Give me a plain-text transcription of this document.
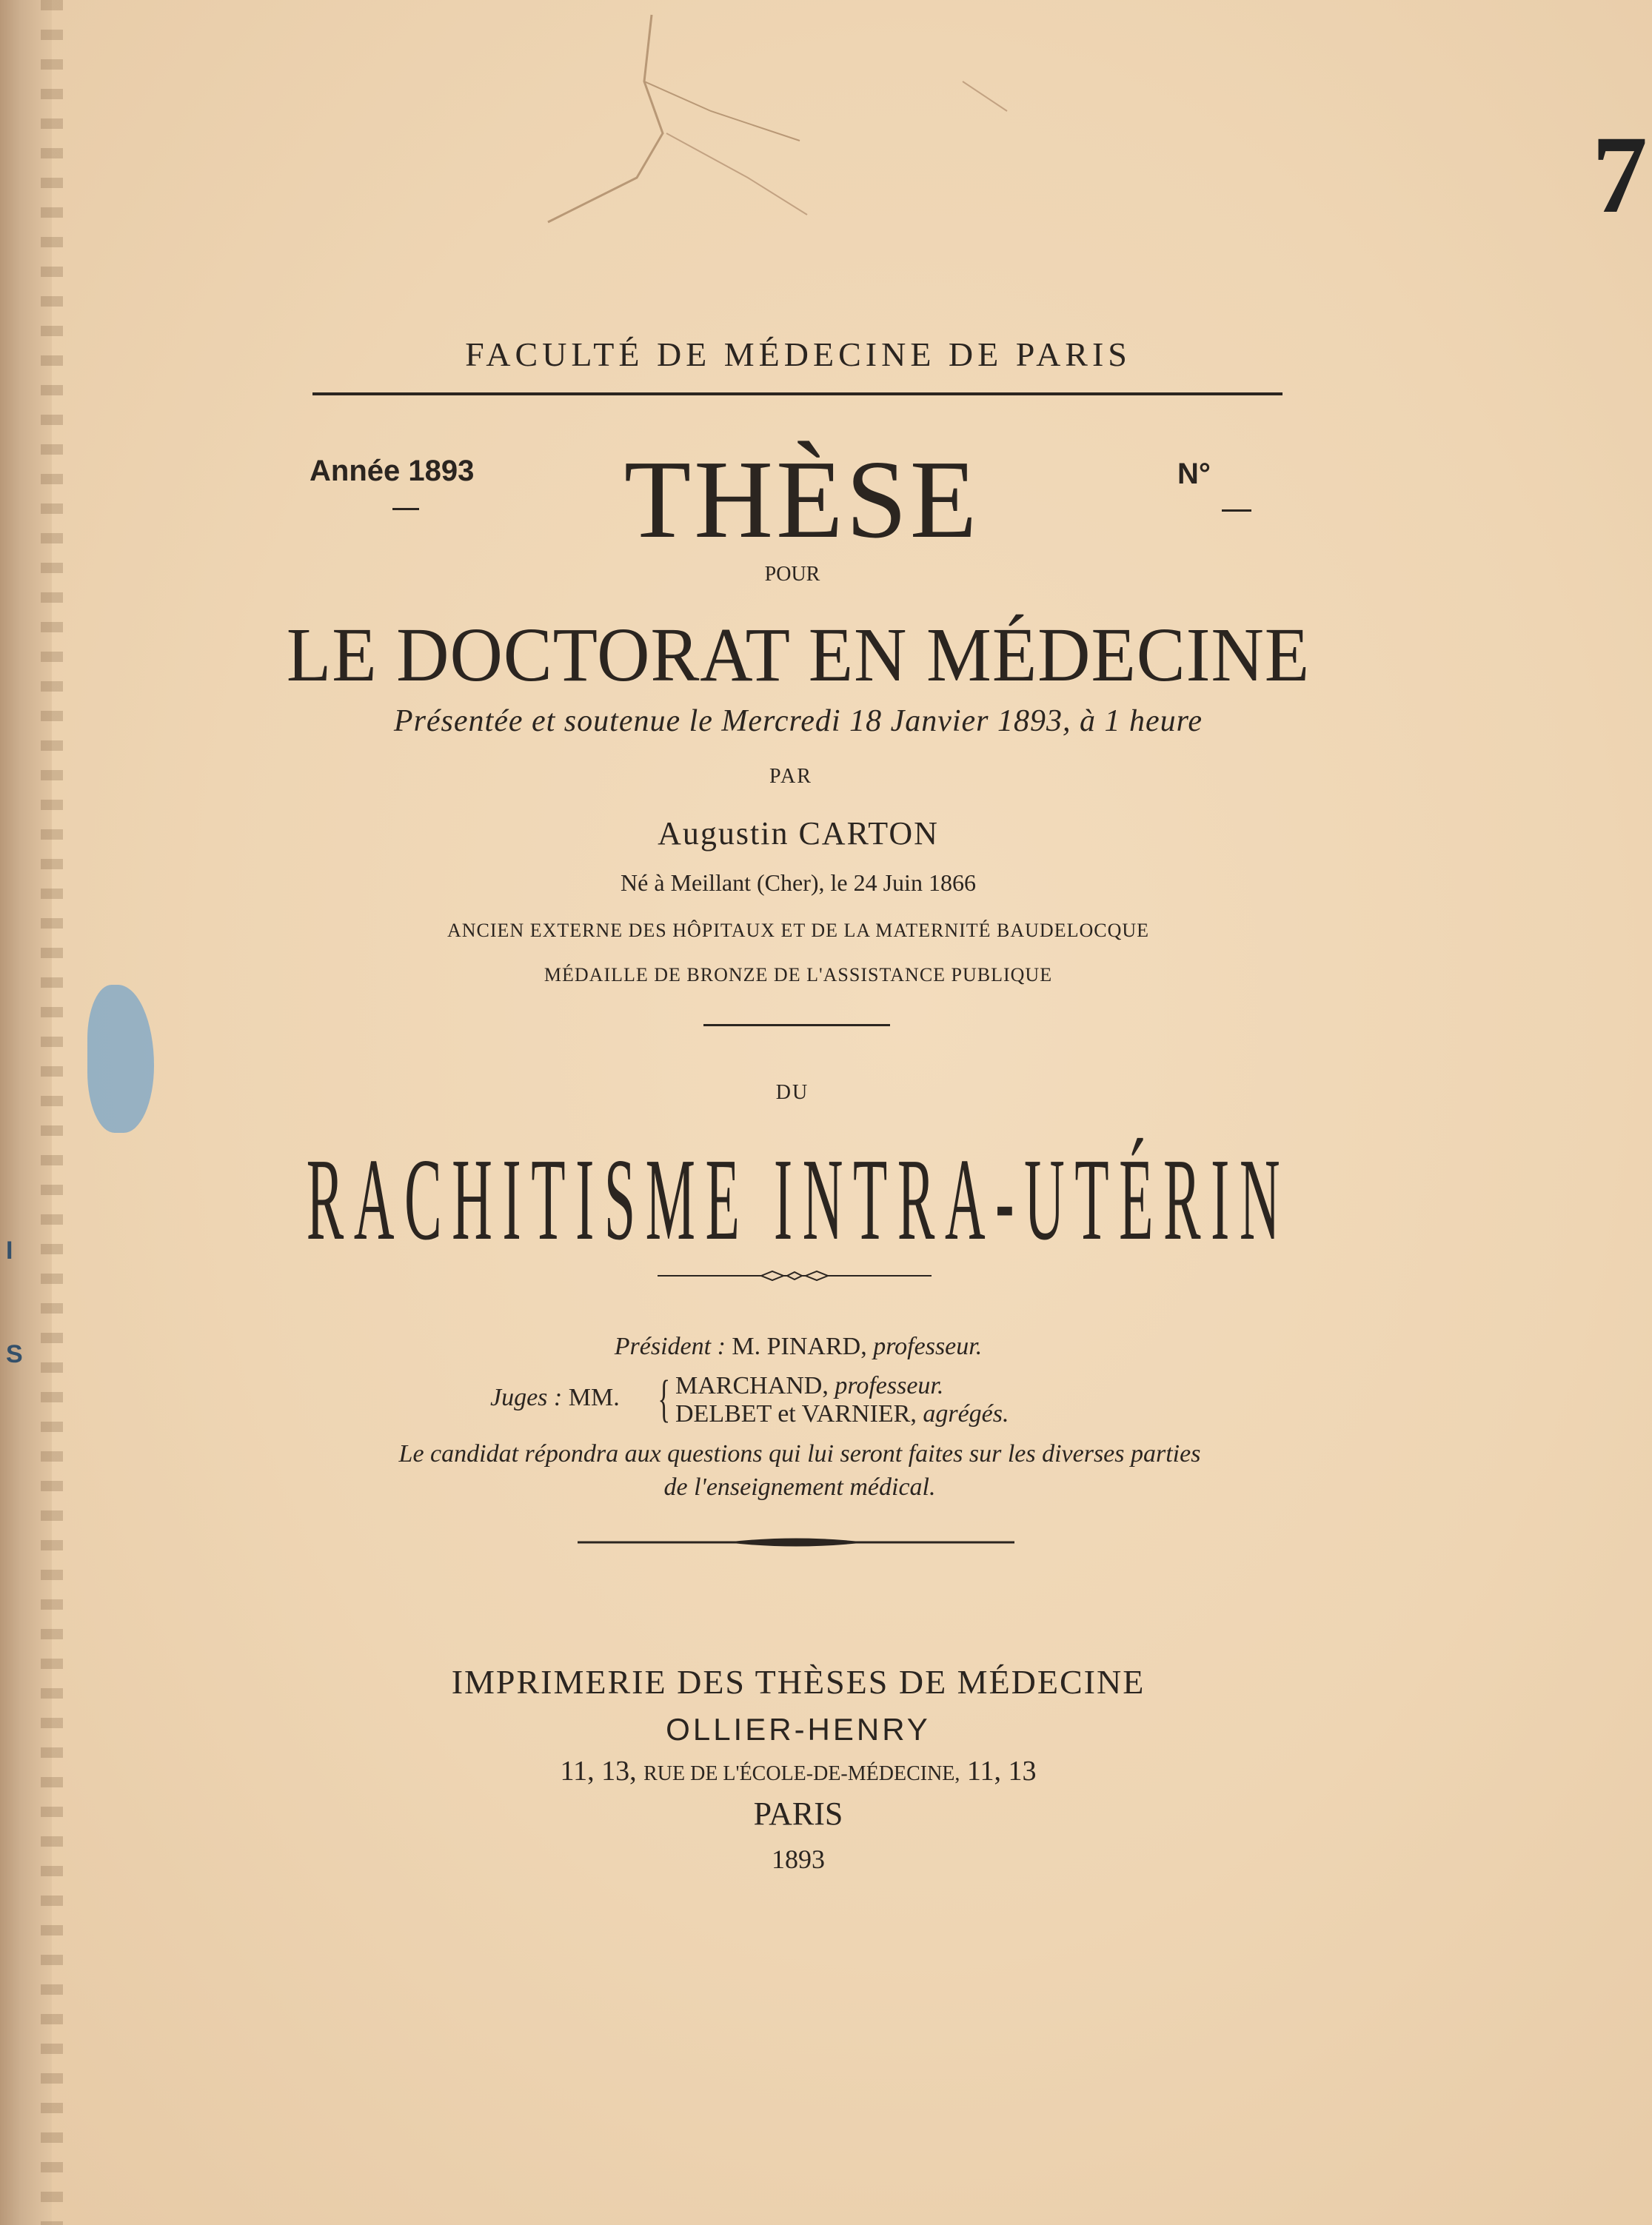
I
S
7
FACULTÉ DE MÉDECINE DE PARIS
Année 1893 THÈSE	N°
POUR
LE DOCTORAT EN MÉDECINE
Présentée et soutenue le Mercredi 18 Janvier 1893, à 1 heure
PAR
Augustin CARTON
Né à Meillant (Cher), le 24 Juin 1866
ANCIEN EXTERNE DES HÔPITAUX ET DE LA MATERNITÉ BAUDELOCQUE
MÉDAILLE DE BRONZE DE L'ASSISTANCE PUBLIQUE
DU
RACHITISME INTRA-UTÉRIN
Président : M. PINARD, professeur.
Juges : MM. { MARCHAND, professeur.
DELBET et VARNIER, agrégés.
Le candidat répondra aux questions qui lui seront faites sur les diverses parties
de l'enseignement médical.
IMPRIMERIE DES THÈSES DE MÉDECINE
OLLIER-HENRY
11, 13, RUE DE L'ÉCOLE-DE-MÉDECINE, 11, 13
PARIS
1893
